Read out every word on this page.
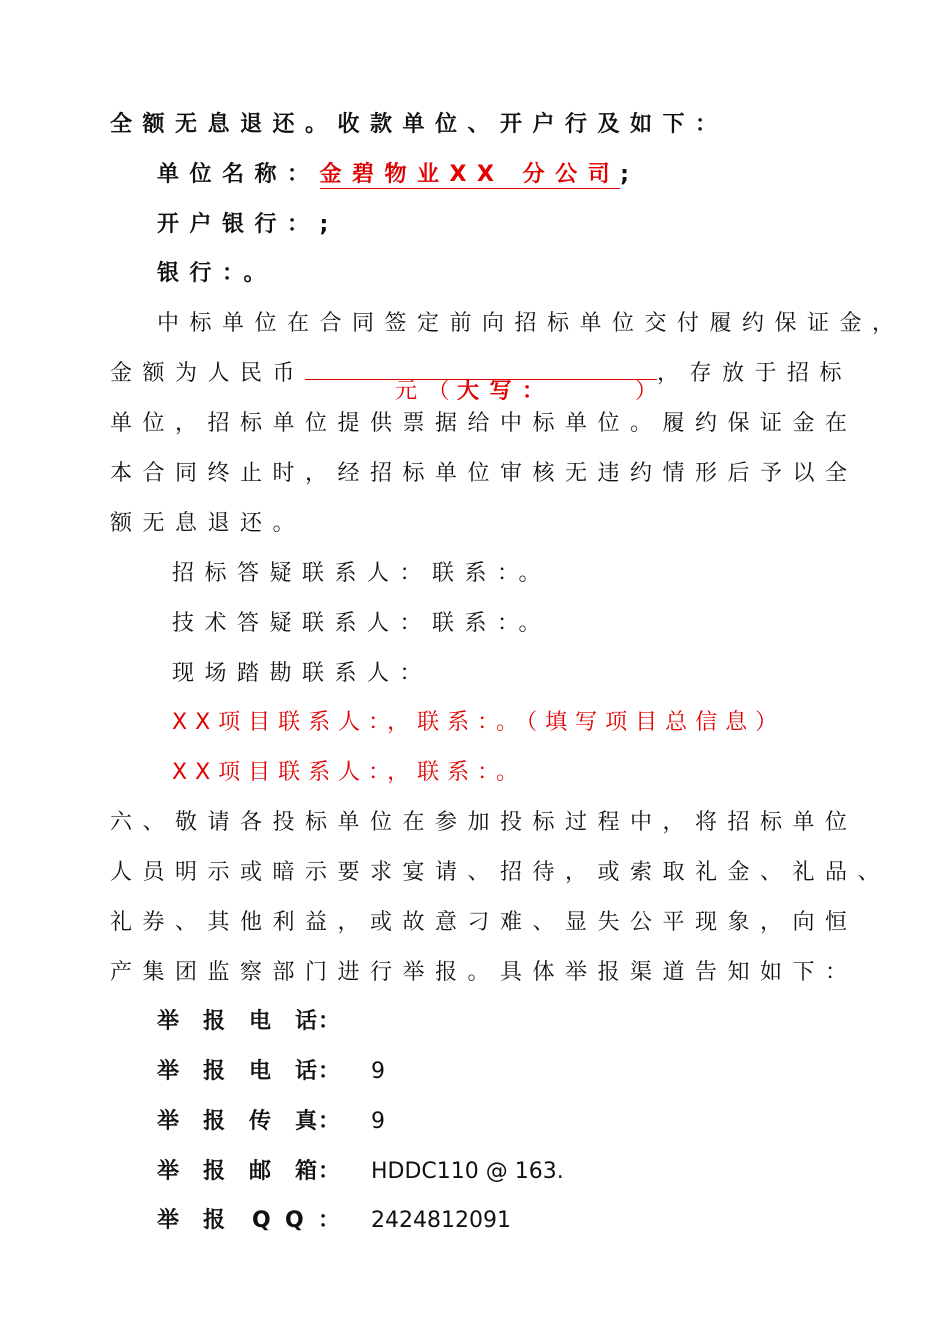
全额无息退还。收款单位、开户行及如下：
单位名称：金碧物业XX 分公司;
开户银行：;
银行：。
中标单位在合同签定前向招标单位交付履约保证金，
金额为人民币
元（
大写：	）
，存放于招标
单位，招标单位提供票据给中标单位。履约保证金在
本合同终止时，经招标单位审核无违约情形后予以全
额无息退还。
招标答疑联系人：联系：。
技术答疑联系人：联系：。
现场踏勘联系人：
XX项目联系人：，联系：。（填写项目总信息）
XX项目联系人：，联系：。
六、敬请各投标单位在参加投标过程中，将招标单位
人员明示或暗示要求宴请、招待，或索取礼金、礼品、
礼券、其他利益，或故意刁难、显失公平现象，向恒
产集团监察部门进行举报。具体举报渠道告知如下：
举 报 电 话 ：
举 报 电 话 ： 9
举 报 传 真 ： 9
举 报 邮 箱 ： HDDC110 @ 163.
举 报 Q Q ： 2424812091
